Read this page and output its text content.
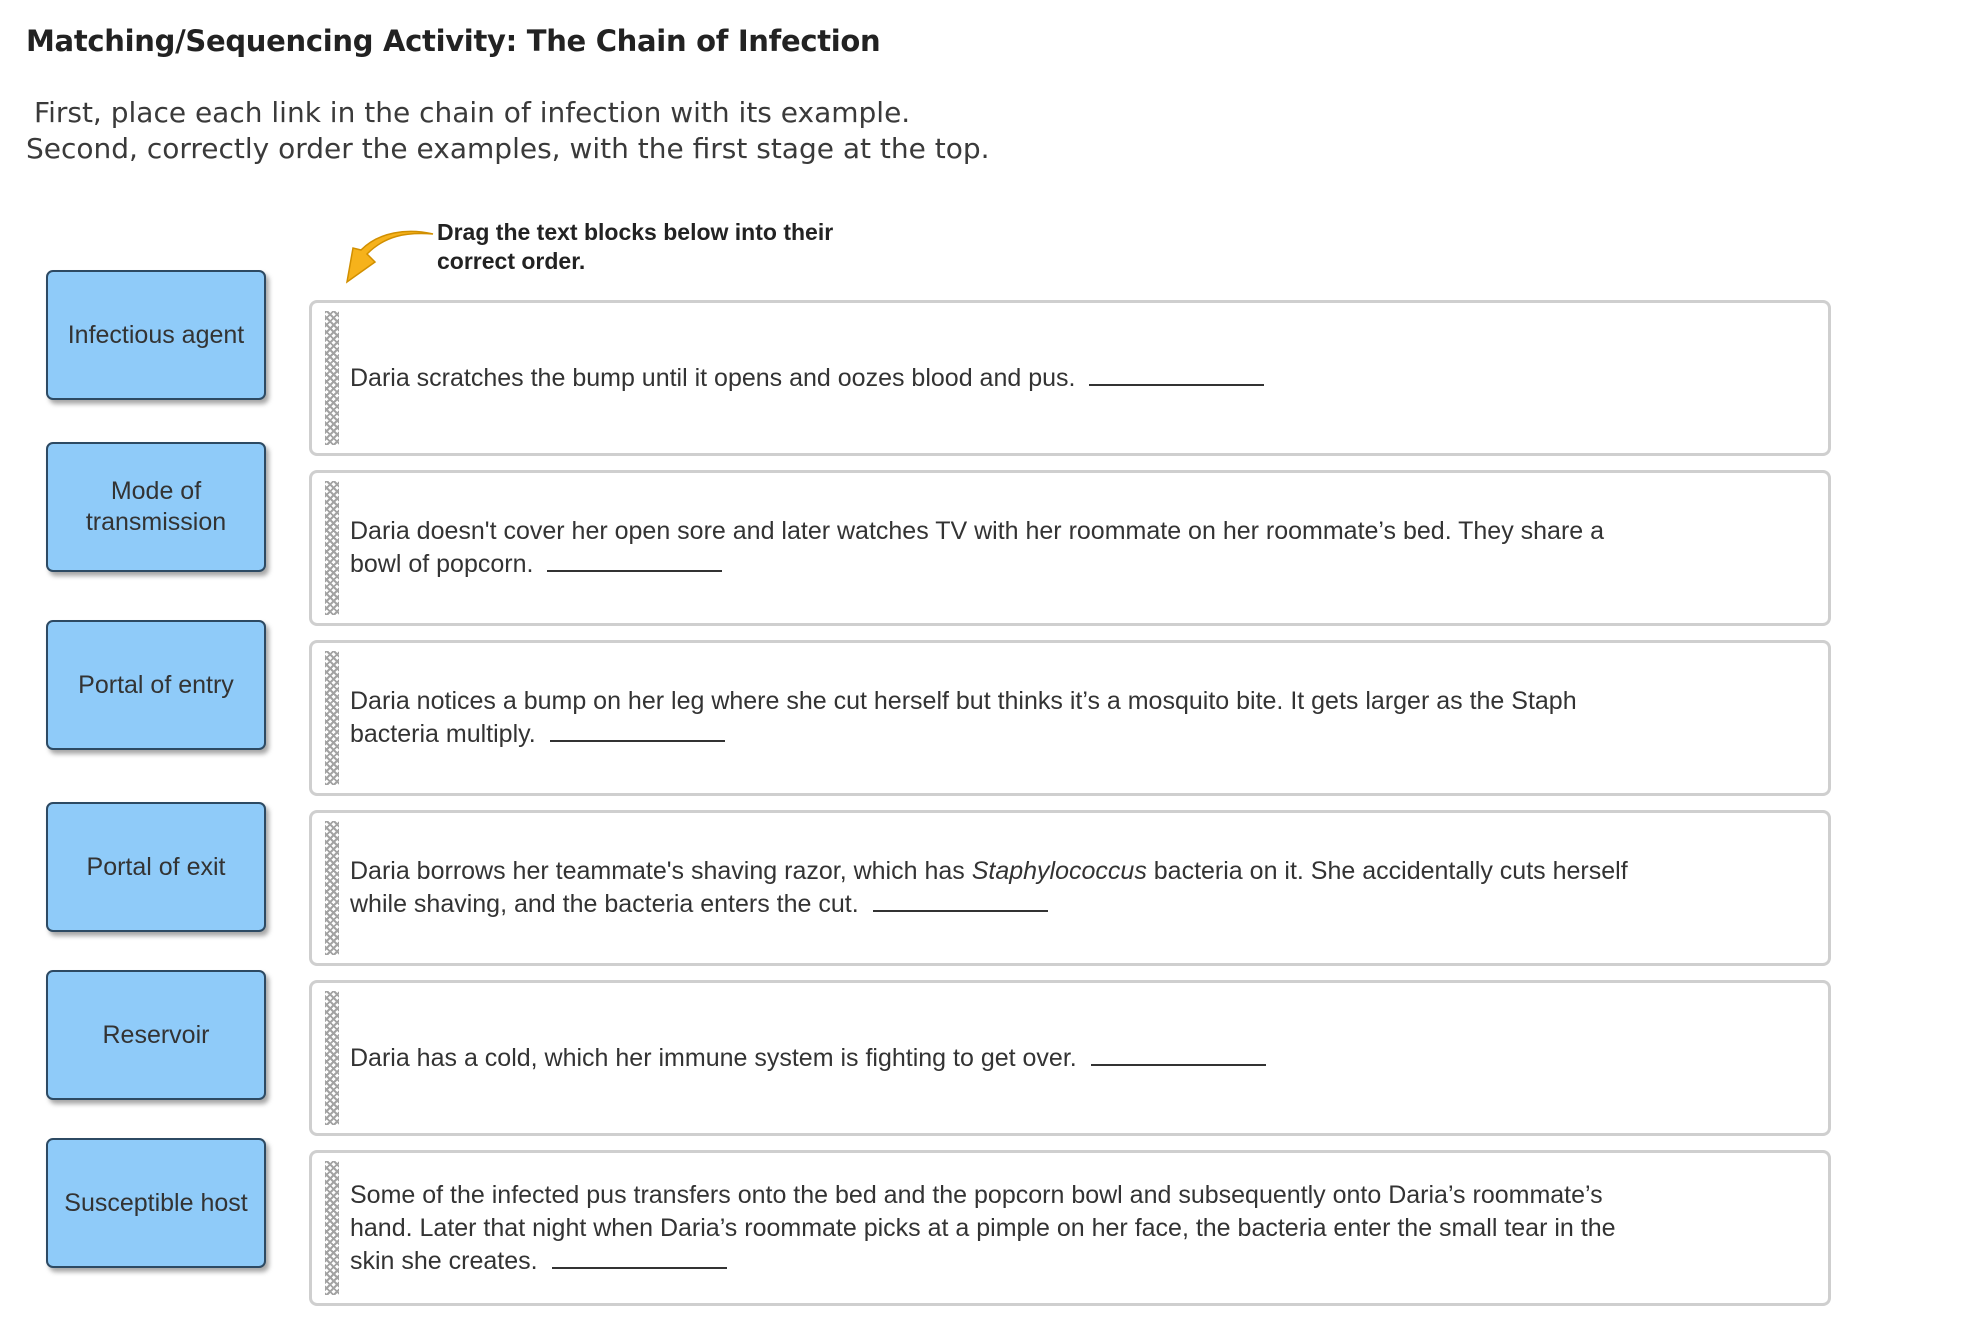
Matching/Sequencing Activity: The Chain of Infection
First, place each link in the chain of infection with its example.
Second, correctly order the examples, with the first stage at the top.
Drag the text blocks below into their correct order.
Infectious agent
Mode of transmission
Portal of entry
Portal of exit
Reservoir
Susceptible host
Daria scratches the bump until it opens and oozes blood and pus.
Daria doesn't cover her open sore and later watches TV with her roommate on her roommate’s bed. They share a bowl of popcorn.
Daria notices a bump on her leg where she cut herself but thinks it’s a mosquito bite. It gets larger as the Staph bacteria multiply.
Daria borrows her teammate's shaving razor, which has Staphylococcus bacteria on it. She accidentally cuts herself while shaving, and the bacteria enters the cut.
Daria has a cold, which her immune system is fighting to get over.
Some of the infected pus transfers onto the bed and the popcorn bowl and subsequently onto Daria’s roommate’s hand. Later that night when Daria’s roommate picks at a pimple on her face, the bacteria enter the small tear in the skin she creates.
